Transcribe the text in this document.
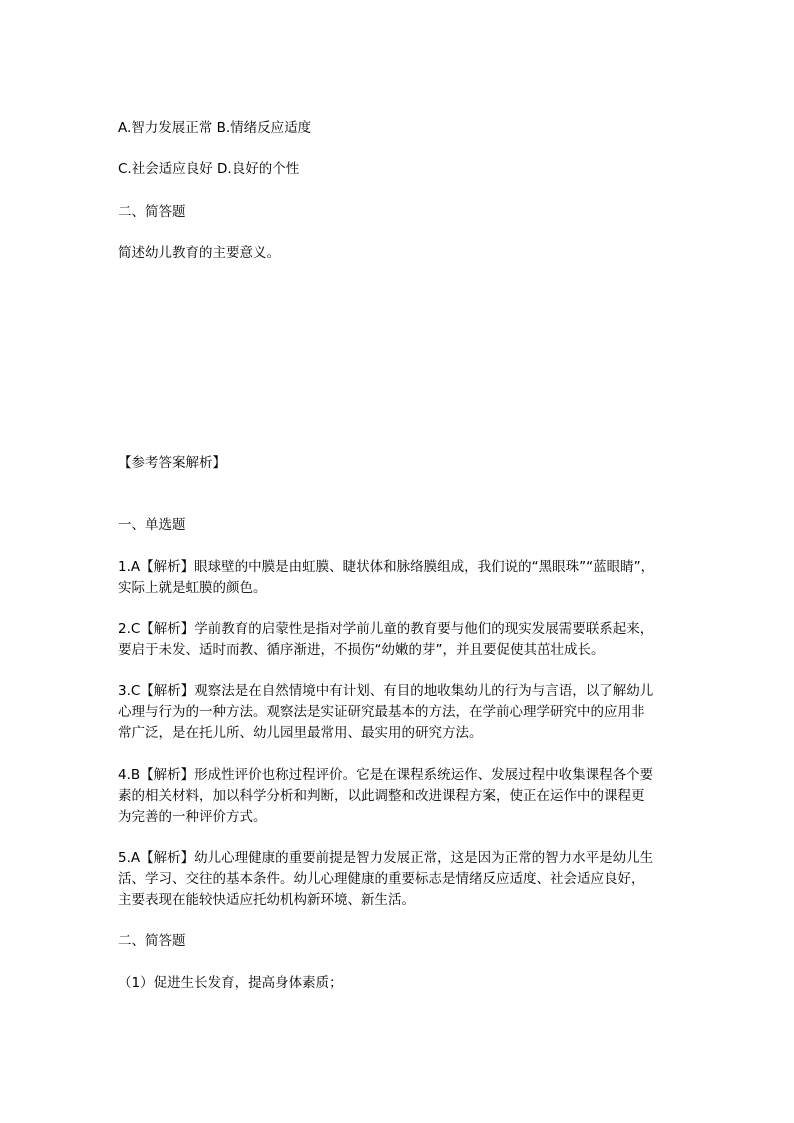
A.智力发展正常 B.情绪反应适度
C.社会适应良好 D.良好的个性
二、简答题
简述幼儿教育的主要意义。
【参考答案解析】
一、单选题
1.A【解析】眼球壁的中膜是由虹膜、睫状体和脉络膜组成，我们说的“黑眼珠”“蓝眼睛”，
实际上就是虹膜的颜色。
2.C【解析】学前教育的启蒙性是指对学前儿童的教育要与他们的现实发展需要联系起来，
要启于未发、适时而教、循序渐进，不损伤“幼嫩的芽”，并且要促使其茁壮成长。
3.C【解析】观察法是在自然情境中有计划、有目的地收集幼儿的行为与言语，以了解幼儿
心理与行为的一种方法。观察法是实证研究最基本的方法，在学前心理学研究中的应用非
常广泛，是在托儿所、幼儿园里最常用、最实用的研究方法。
4.B【解析】形成性评价也称过程评价。它是在课程系统运作、发展过程中收集课程各个要
素的相关材料，加以科学分析和判断，以此调整和改进课程方案，使正在运作中的课程更
为完善的一种评价方式。
5.A【解析】幼儿心理健康的重要前提是智力发展正常，这是因为正常的智力水平是幼儿生
活、学习、交往的基本条件。幼儿心理健康的重要标志是情绪反应适度、社会适应良好，
主要表现在能较快适应托幼机构新环境、新生活。
二、简答题
（1）促进生长发育，提高身体素质；
